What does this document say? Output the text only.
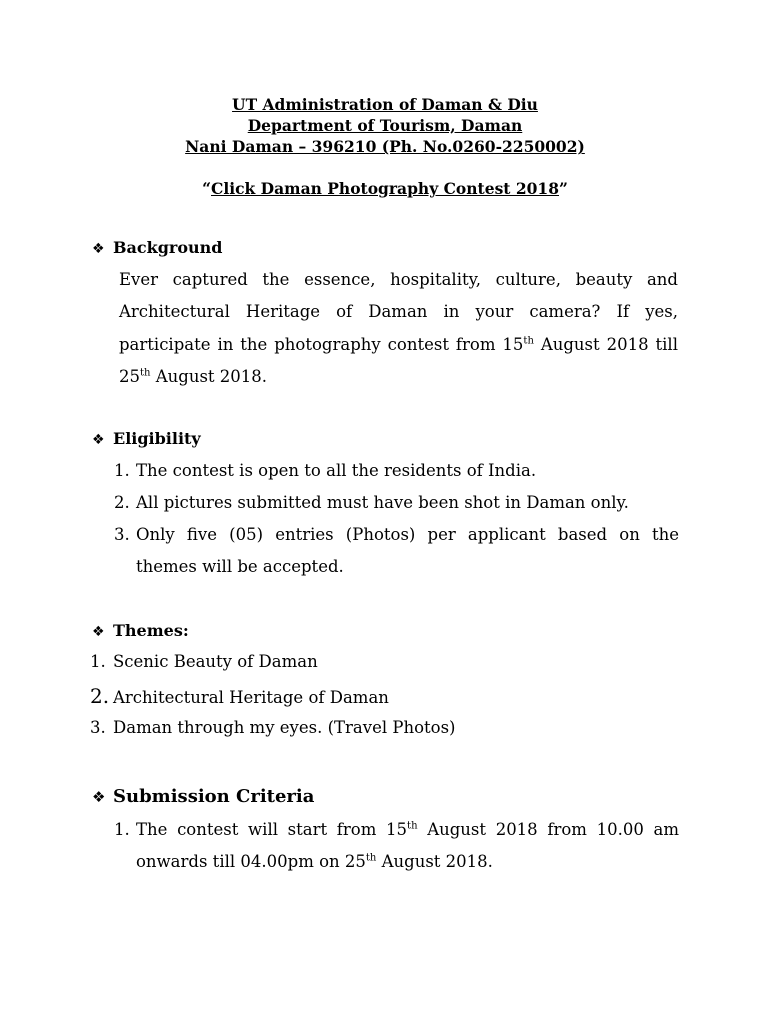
UT Administration of Daman & Diu
Department of Tourism, Daman
Nani Daman – 396210 (Ph. No.0260-2250002)
“Click Daman Photography Contest 2018”
❖ Background
Ever captured the essence, hospitality, culture, beauty and Architectural Heritage of Daman in your camera? If yes, participate in the photography contest from 15th August 2018 till 25th August 2018.
❖ Eligibility
1. The contest is open to all the residents of India.
2. All pictures submitted must have been shot in Daman only.
3. Only five (05) entries (Photos) per applicant based on the
themes will be accepted.
❖ Themes:
1. Scenic Beauty of Daman
2. Architectural Heritage of Daman
3. Daman through my eyes. (Travel Photos)
❖ Submission Criteria
1. The contest will start from 15th August 2018 from 10.00 am
onwards till 04.00pm on 25th August 2018.
